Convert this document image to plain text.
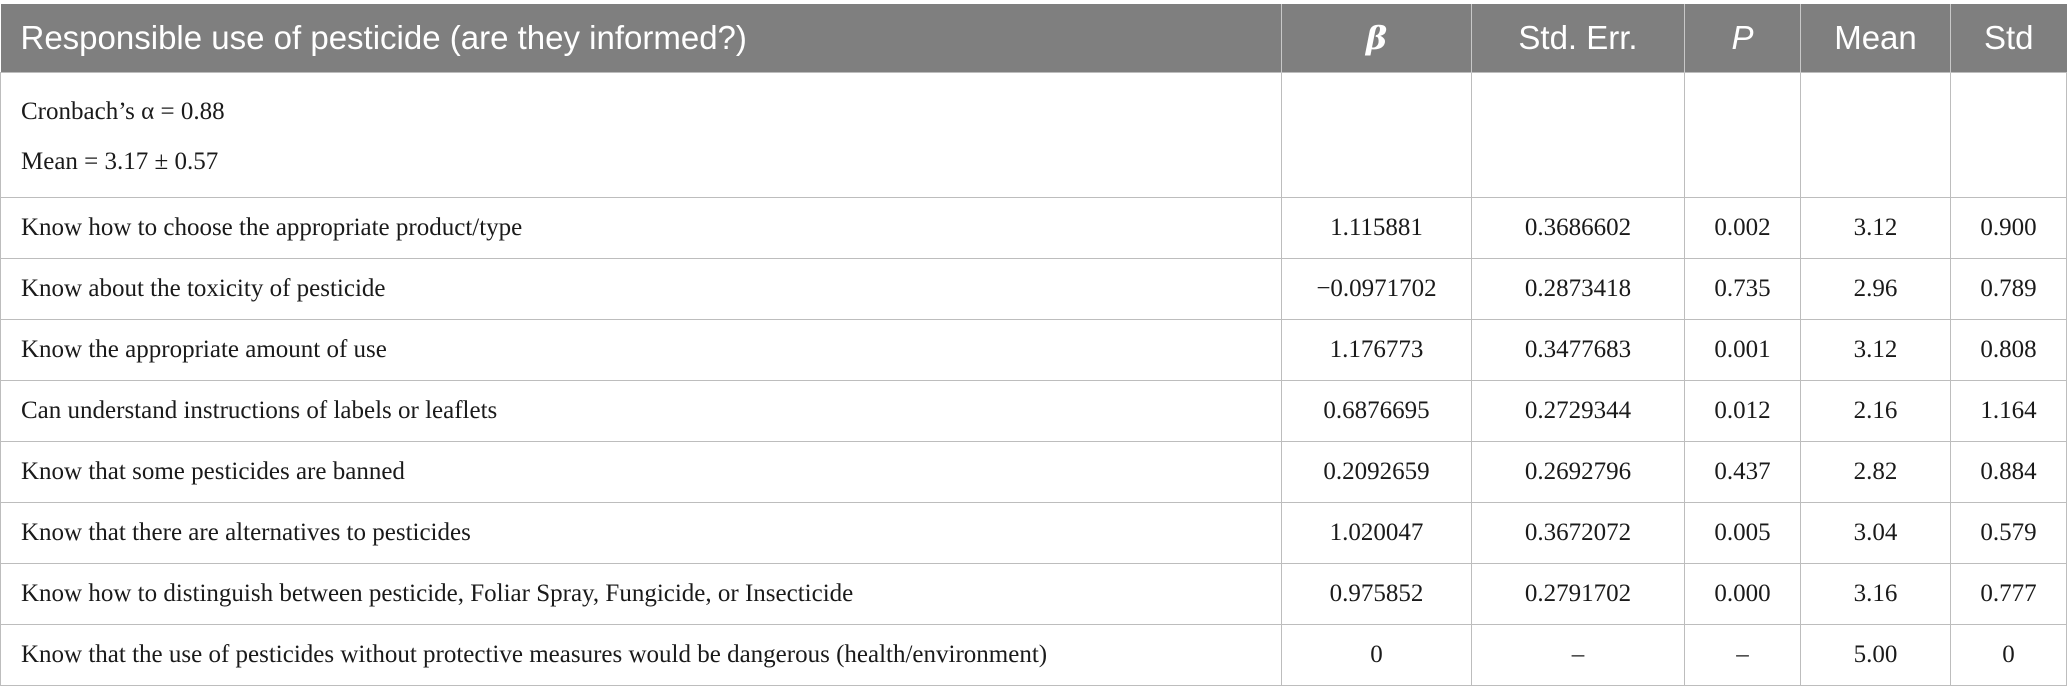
Responsible use of pesticide (are they informed?)	β	Std. Err.	P	Mean	Std

Cronbach’s α = 0.88
Mean = 3.17 ± 0.57					

Know how to choose the appropriate product/type	1.115881	0.3686602	0.002	3.12	0.900
Know about the toxicity of pesticide	−0.0971702	0.2873418	0.735	2.96	0.789
Know the appropriate amount of use	1.176773	0.3477683	0.001	3.12	0.808
Can understand instructions of labels or leaflets	0.6876695	0.2729344	0.012	2.16	1.164
Know that some pesticides are banned	0.2092659	0.2692796	0.437	2.82	0.884
Know that there are alternatives to pesticides	1.020047	0.3672072	0.005	3.04	0.579
Know how to distinguish between pesticide, Foliar Spray, Fungicide, or Insecticide	0.975852	0.2791702	0.000	3.16	0.777
Know that the use of pesticides without protective measures would be dangerous (health/environment)	0	–	–	5.00	0
